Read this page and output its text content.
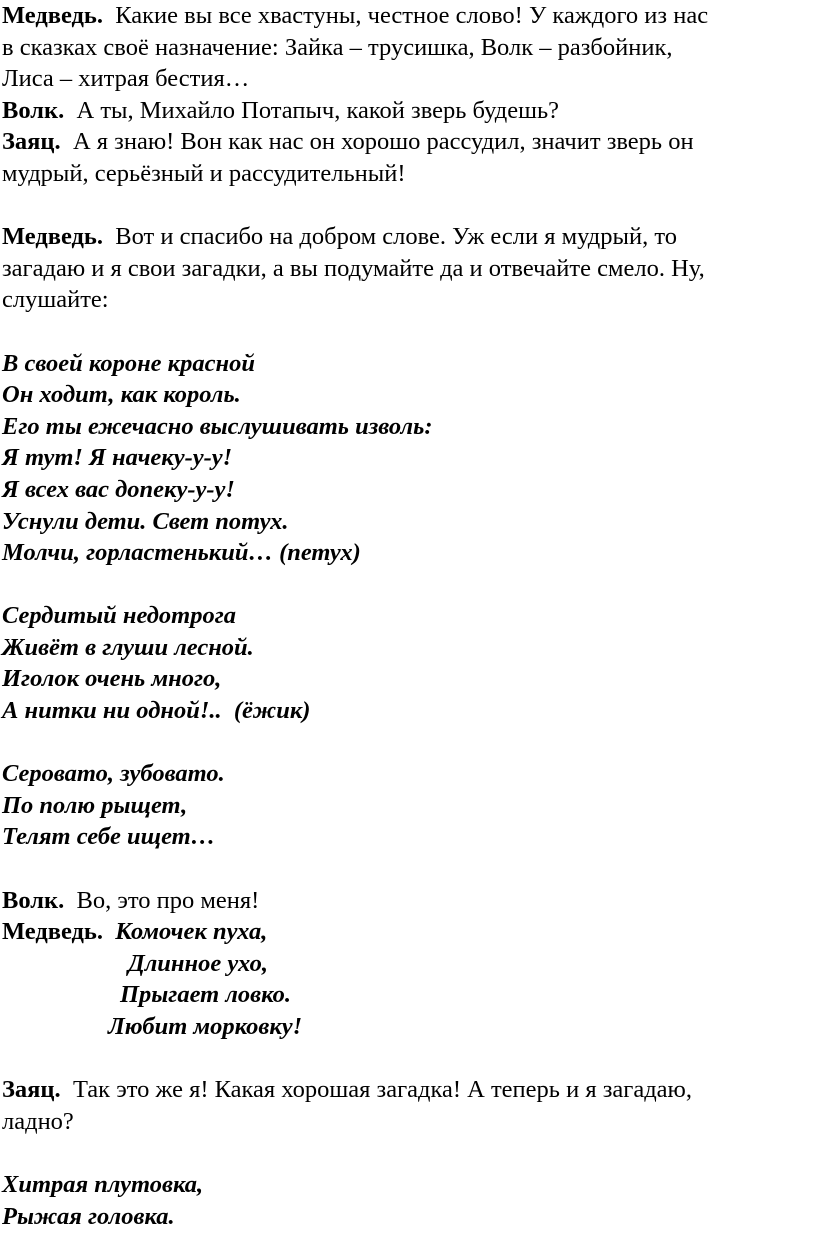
Медведь. Какие вы все хвастуны, честное слово! У каждого из нас

в сказках своё назначение: Зайка – трусишка, Волк – разбойник,

Лиса – хитрая бестия…

Волк. А ты, Михайло Потапыч, какой зверь будешь?

Заяц. А я знаю! Вон как нас он хорошо рассудил, значит зверь он

мудрый, серьёзный и рассудительный!

Медведь. Вот и спасибо на добром слове. Уж если я мудрый, то

загадаю и я свои загадки, а вы подумайте да и отвечайте смело. Ну,

слушайте:

В своей короне красной

Он ходит, как король.

Его ты ежечасно выслушивать изволь:

Я тут! Я начеку-у-у!

Я всех вас допеку-у-у!

Уснули дети. Свет потух.

Молчи, горластенький… (петух)

Сердитый недотрога

Живёт в глуши лесной.

Иголок очень много,

А нитки ни одной!..  (ёжик)

Серовато, зубовато.

По полю рыщет,

Телят себе ищет…

Волк. Во, это про меня!

Медведь. Комочек пуха,

Длинное ухо,

Прыгает ловко.

Любит морковку!

Заяц. Так это же я! Какая хорошая загадка! А теперь и я загадаю,

ладно?

Хитрая плутовка,

Рыжая головка.
